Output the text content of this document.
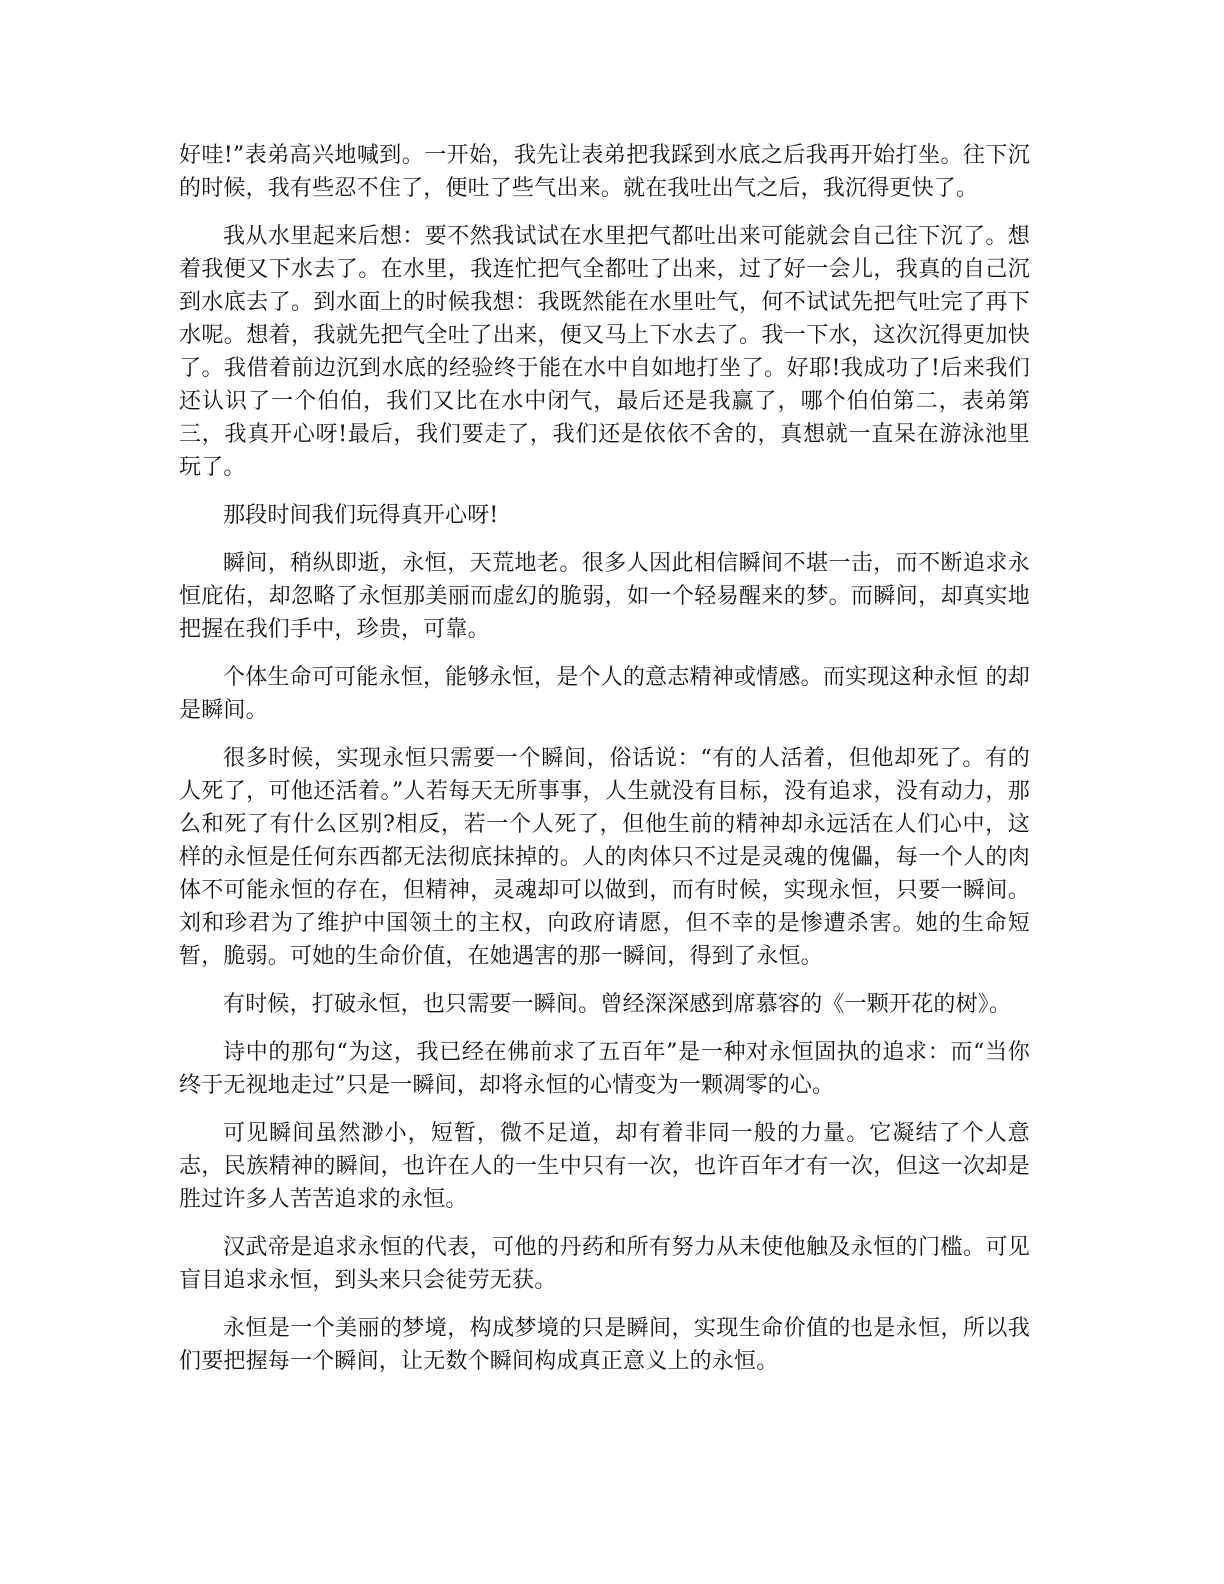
好哇!”表弟高兴地喊到。一开始，我先让表弟把我踩到水底之后我再开始打坐。往下沉的时候，我有些忍不住了，便吐了些气出来。就在我吐出气之后，我沉得更快了。

我从水里起来后想：要不然我试试在水里把气都吐出来可能就会自己往下沉了。想着我便又下水去了。在水里，我连忙把气全都吐了出来，过了好一会儿，我真的自己沉到水底去了。到水面上的时候我想：我既然能在水里吐气，何不试试先把气吐完了再下水呢。想着，我就先把气全吐了出来，便又马上下水去了。我一下水，这次沉得更加快了。我借着前边沉到水底的经验终于能在水中自如地打坐了。好耶!我成功了!后来我们还认识了一个伯伯，我们又比在水中闭气，最后还是我赢了，哪个伯伯第二，表弟第三，我真开心呀!最后，我们要走了，我们还是依依不舍的，真想就一直呆在游泳池里玩了。

那段时间我们玩得真开心呀!

瞬间，稍纵即逝，永恒，天荒地老。很多人因此相信瞬间不堪一击，而不断追求永恒庇佑，却忽略了永恒那美丽而虚幻的脆弱，如一个轻易醒来的梦。而瞬间，却真实地把握在我们手中，珍贵，可靠。

个体生命可可能永恒，能够永恒，是个人的意志精神或情感。而实现这种永恒 的却是瞬间。

很多时候，实现永恒只需要一个瞬间，俗话说：“有的人活着，但他却死了。有的人死了，可他还活着。”人若每天无所事事，人生就没有目标，没有追求，没有动力，那么和死了有什么区别?相反，若一个人死了，但他生前的精神却永远活在人们心中，这样的永恒是任何东西都无法彻底抹掉的。人的肉体只不过是灵魂的傀儡，每一个人的肉体不可能永恒的存在，但精神，灵魂却可以做到，而有时候，实现永恒，只要一瞬间。刘和珍君为了维护中国领土的主权，向政府请愿，但不幸的是惨遭杀害。她的生命短暂，脆弱。可她的生命价值，在她遇害的那一瞬间，得到了永恒。

有时候，打破永恒，也只需要一瞬间。曾经深深感到席慕容的《一颗开花的树》。

诗中的那句“为这，我已经在佛前求了五百年”是一种对永恒固执的追求：而“当你终于无视地走过”只是一瞬间，却将永恒的心情变为一颗凋零的心。

可见瞬间虽然渺小，短暂，微不足道，却有着非同一般的力量。它凝结了个人意志，民族精神的瞬间，也许在人的一生中只有一次，也许百年才有一次，但这一次却是胜过许多人苦苦追求的永恒。

汉武帝是追求永恒的代表，可他的丹药和所有努力从未使他触及永恒的门槛。可见盲目追求永恒，到头来只会徒劳无获。

永恒是一个美丽的梦境，构成梦境的只是瞬间，实现生命价值的也是永恒，所以我们要把握每一个瞬间，让无数个瞬间构成真正意义上的永恒。
